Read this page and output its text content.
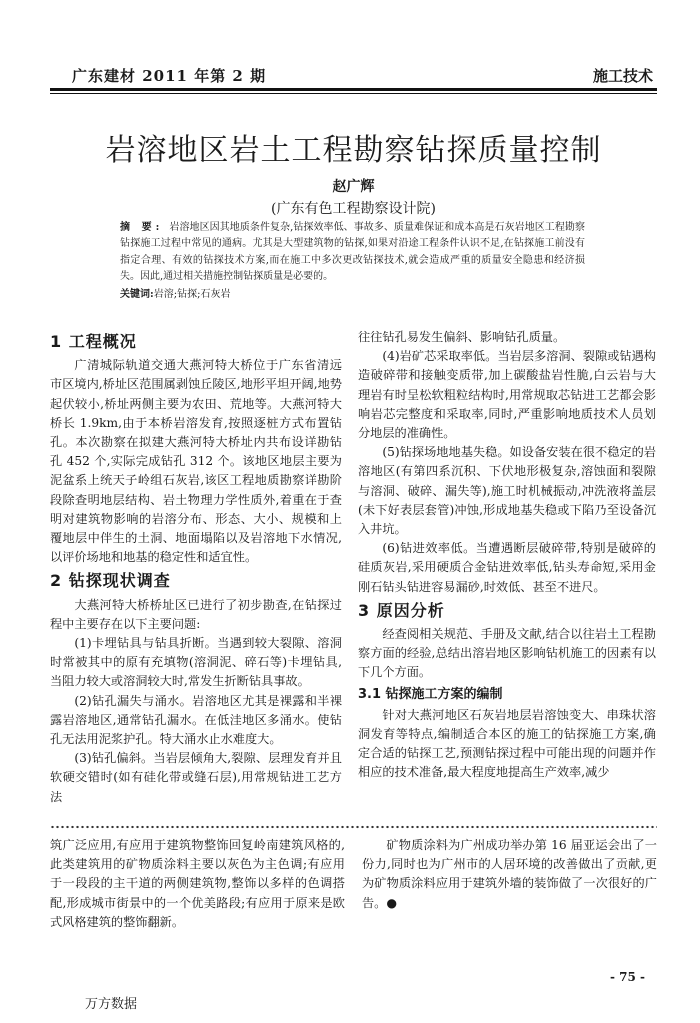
广东建材 2011 年第 2 期	施工技术
岩溶地区岩土工程勘察钻探质量控制
赵广辉
(广东有色工程勘察设计院)
摘 要: 岩溶地区因其地质条件复杂,钻探效率低、事故多、质量难保证和成本高是石灰岩地区工程勘察钻探施工过程中常见的通病。尤其是大型建筑物的钻探,如果对沿途工程条件认识不足,在钻探施工前没有指定合理、有效的钻探技术方案,而在施工中多次更改钻探技术,就会造成严重的质量安全隐患和经济损失。因此,通过相关措施控制钻探质量是必要的。
关键词:岩溶;钻探;石灰岩
1 工程概况

广清城际轨道交通大燕河特大桥位于广东省清远市区境内,桥址区范围属剥蚀丘陵区,地形平坦开阔,地势起伏较小,桥址两侧主要为农田、荒地等。大燕河特大桥长 1.9km,由于本桥岩溶发育,按照逐桩方式布置钻孔。本次勘察在拟建大燕河特大桥址内共布设详勘钻孔 452 个,实际完成钻孔 312 个。该地区地层主要为泥盆系上统天子岭组石灰岩,该区工程地质勘察详勘阶段除查明地层结构、岩土物理力学性质外,着重在于查明对建筑物影响的岩溶分布、形态、大小、规模和上覆地层中伴生的土洞、地面塌陷以及岩溶地下水情况,以评价场地和地基的稳定性和适宜性。

2 钻探现状调查

大燕河特大桥桥址区已进行了初步勘查,在钻探过程中主要存在以下主要问题:

(1)卡埋钻具与钻具折断。当遇到较大裂隙、溶洞时常被其中的原有充填物(溶洞泥、碎石等)卡埋钻具,当阻力较大或溶洞较大时,常发生折断钻具事故。

(2)钻孔漏失与涌水。岩溶地区尤其是裸露和半裸露岩溶地区,通常钻孔漏水。在低洼地区多涌水。使钻孔无法用泥浆护孔。特大涌水止水难度大。

(3)钻孔偏斜。当岩层倾角大,裂隙、层理发育并且软硬交错时(如有硅化带或缝石层),用常规钻进工艺方法

往往钻孔易发生偏斜、影响钻孔质量。

(4)岩矿芯采取率低。当岩层多溶洞、裂隙或钻遇构造破碎带和接触变质带,加上碳酸盐岩性脆,白云岩与大理岩有时呈松软粗粒结构时,用常规取芯钻进工艺都会影响岩芯完整度和采取率,同时,严重影响地质技术人员划分地层的准确性。

(5)钻探场地地基失稳。如设备安装在很不稳定的岩溶地区(有第四系沉积、下伏地形极复杂,溶蚀面和裂隙与溶洞、破碎、漏失等),施工时机械振动,冲洗液将盖层(未下好表层套管)冲蚀,形成地基失稳或下陷乃至设备沉入井坑。

(6)钻进效率低。当遭遇断层破碎带,特别是破碎的硅质灰岩,采用硬质合金钻进效率低,钻头寿命短,采用金刚石钻头钻进容易漏砂,时效低、甚至不进尺。

3 原因分析

经查阅相关规范、手册及文献,结合以往岩土工程勘察方面的经验,总结出溶岩地区影响钻机施工的因素有以下几个方面。

3.1 钻探施工方案的编制

针对大燕河地区石灰岩地层岩溶蚀变大、串珠状溶洞发育等特点,编制适合本区的施工的钻探施工方案,确定合适的钻探工艺,预测钻探过程中可能出现的问题并作相应的技术准备,最大程度地提高生产效率,减少

筑广泛应用,有应用于建筑物整饰回复岭南建筑风格的,此类建筑用的矿物质涂料主要以灰色为主色调;有应用于一段段的主干道的两侧建筑物,整饰以多样的色调搭配,形成城市街景中的一个优美路段;有应用于原来是欧式风格建筑的整饰翻新。

矿物质涂料为广州成功举办第 16 届亚运会出了一份力,同时也为广州市的人居环境的改善做出了贡献,更为矿物质涂料应用于建筑外墙的装饰做了一次很好的广告。●

- 75 -
万方数据
